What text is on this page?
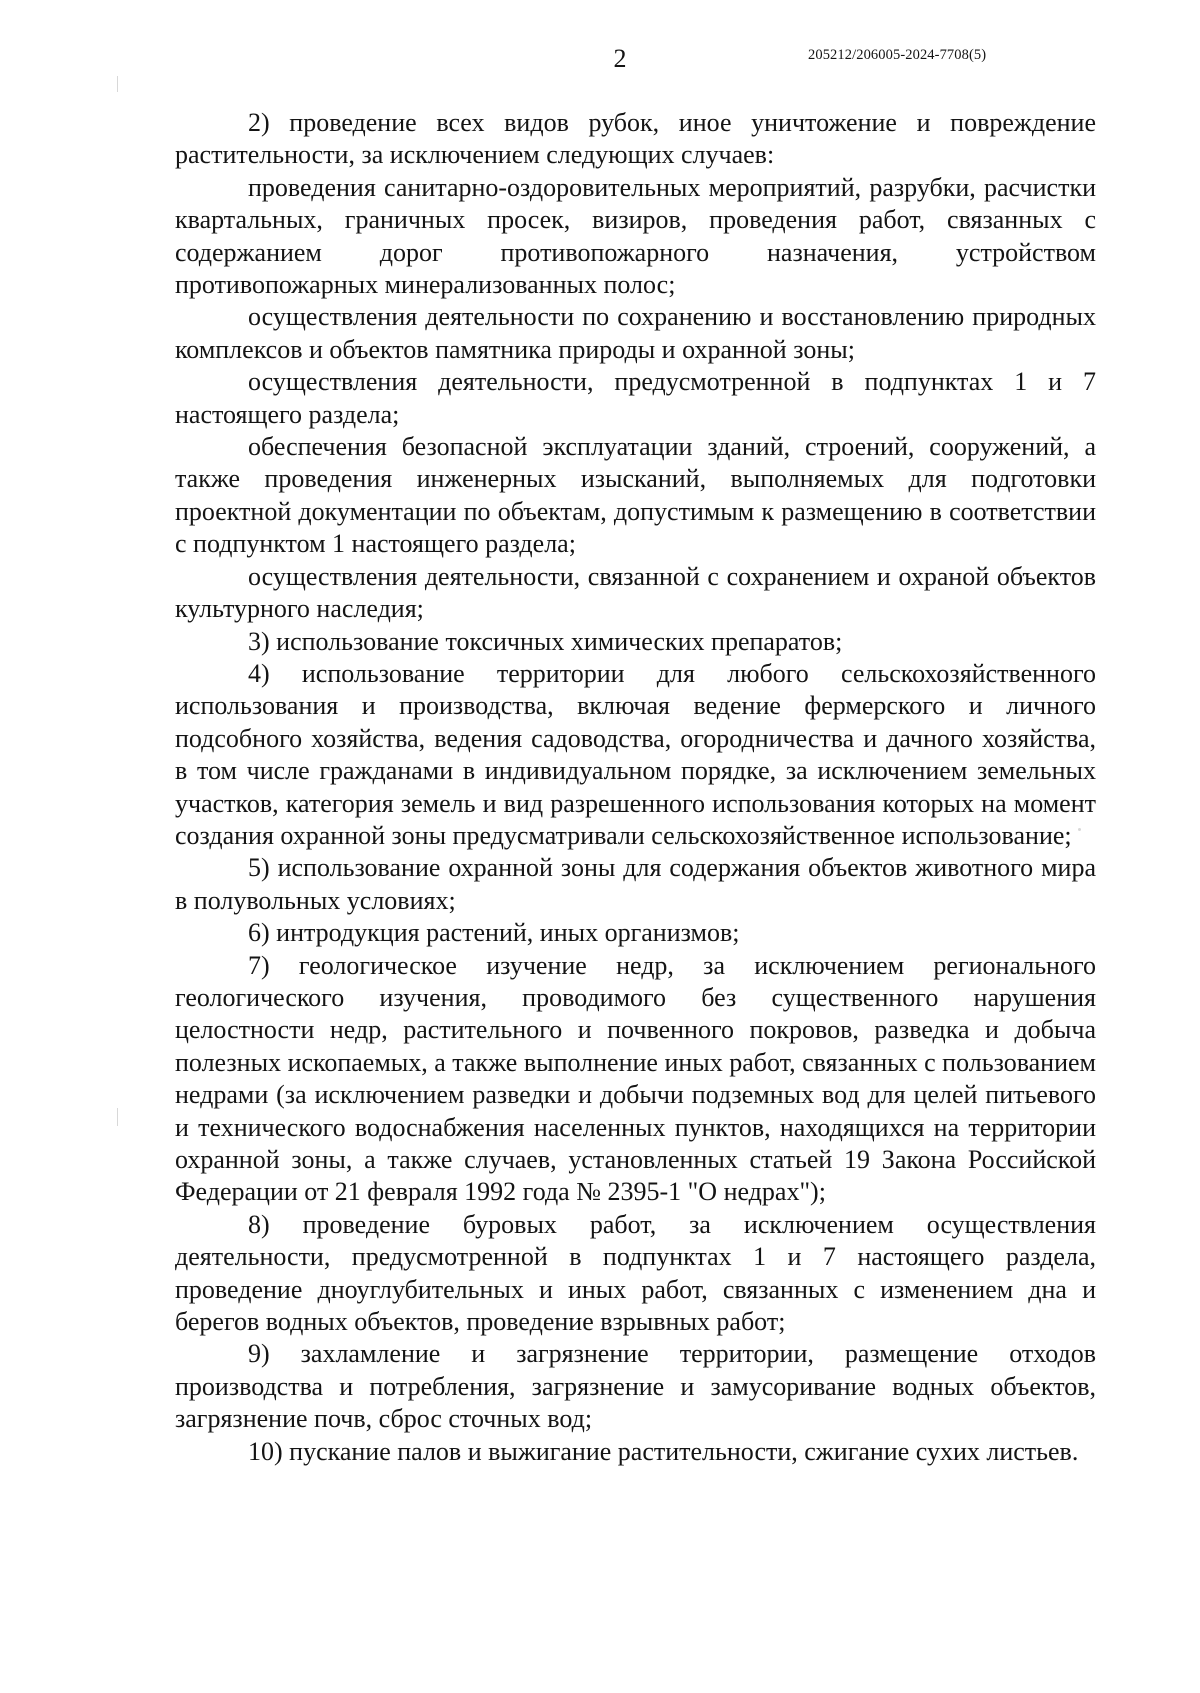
2	205212/206005-2024-7708(5)

2) проведение всех видов рубок, иное уничтожение и повреждение растительности, за исключением следующих случаев:

проведения санитарно-оздоровительных мероприятий, разрубки, расчистки квартальных, граничных просек, визиров, проведения работ, связанных с содержанием дорог противопожарного назначения, устройством противопожарных минерализованных полос;

осуществления деятельности по сохранению и восстановлению природных комплексов и объектов памятника природы и охранной зоны;

осуществления деятельности, предусмотренной в подпунктах 1 и 7 настоящего раздела;

обеспечения безопасной эксплуатации зданий, строений, сооружений, а также проведения инженерных изысканий, выполняемых для подготовки проектной документации по объектам, допустимым к размещению в соответствии с подпунктом 1 настоящего раздела;

осуществления деятельности, связанной с сохранением и охраной объектов культурного наследия;

3) использование токсичных химических препаратов;

4) использование территории для любого сельскохозяйственного использования и производства, включая ведение фермерского и личного подсобного хозяйства, ведения садоводства, огородничества и дачного хозяйства, в том числе гражданами в индивидуальном порядке, за исключением земельных участков, категория земель и вид разрешенного использования которых на момент создания охранной зоны предусматривали сельскохозяйственное использование;

5) использование охранной зоны для содержания объектов животного мира в полувольных условиях;

6) интродукция растений, иных организмов;

7) геологическое изучение недр, за исключением регионального геологического изучения, проводимого без существенного нарушения целостности недр, растительного и почвенного покровов, разведка и добыча полезных ископаемых, а также выполнение иных работ, связанных с пользованием недрами (за исключением разведки и добычи подземных вод для целей питьевого и технического водоснабжения населенных пунктов, находящихся на территории охранной зоны, а также случаев, установленных статьей 19 Закона Российской Федерации от 21 февраля 1992 года № 2395-1 "О недрах");

8) проведение буровых работ, за исключением осуществления деятельности, предусмотренной в подпунктах 1 и 7 настоящего раздела, проведение дноуглубительных и иных работ, связанных с изменением дна и берегов водных объектов, проведение взрывных работ;

9) захламление и загрязнение территории, размещение отходов производства и потребления, загрязнение и замусоривание водных объектов, загрязнение почв, сброс сточных вод;

10) пускание палов и выжигание растительности, сжигание сухих листьев.
